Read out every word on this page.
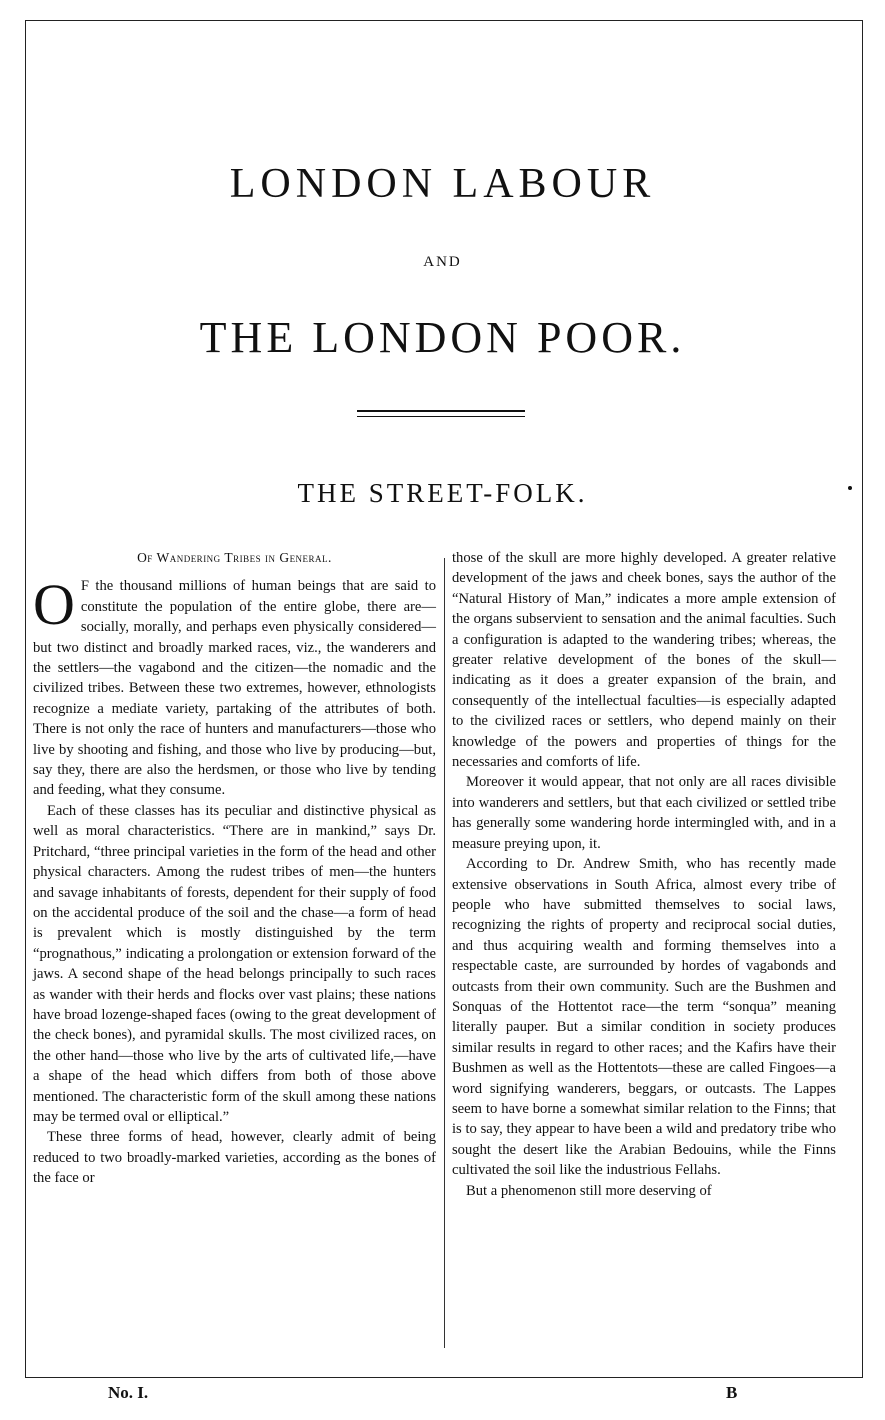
LONDON LABOUR
AND
THE LONDON POOR.
THE STREET-FOLK.
Of Wandering Tribes in General.

O F the thousand millions of human beings that are said to constitute the population of the entire globe, there are—socially, morally, and perhaps even physically considered—but two distinct and broadly marked races, viz., the wanderers and the settlers—the vagabond and the citizen—the nomadic and the civilized tribes. Between these two extremes, however, ethnologists recognize a mediate variety, partaking of the attributes of both. There is not only the race of hunters and manufacturers—those who live by shooting and fishing, and those who live by producing—but, say they, there are also the herdsmen, or those who live by tending and feeding, what they consume.

Each of these classes has its peculiar and distinctive physical as well as moral characteristics. “There are in mankind,” says Dr. Pritchard, “three principal varieties in the form of the head and other physical characters. Among the rudest tribes of men—the hunters and savage inhabitants of forests, dependent for their supply of food on the accidental produce of the soil and the chase—a form of head is prevalent which is mostly distinguished by the term “prognathous,” indicating a prolongation or extension forward of the jaws. A second shape of the head belongs principally to such races as wander with their herds and flocks over vast plains; these nations have broad lozenge-shaped faces (owing to the great development of the check bones), and pyramidal skulls. The most civilized races, on the other hand—those who live by the arts of cultivated life,—have a shape of the head which differs from both of those above mentioned. The characteristic form of the skull among these nations may be termed oval or elliptical.”

These three forms of head, however, clearly admit of being reduced to two broadly-marked varieties, according as the bones of the face or

those of the skull are more highly developed. A greater relative development of the jaws and cheek bones, says the author of the “Natural History of Man,” indicates a more ample extension of the organs subservient to sensation and the animal faculties. Such a configuration is adapted to the wandering tribes; whereas, the greater relative development of the bones of the skull—indicating as it does a greater expansion of the brain, and consequently of the intellectual faculties—is especially adapted to the civilized races or settlers, who depend mainly on their knowledge of the powers and properties of things for the necessaries and comforts of life.

Moreover it would appear, that not only are all races divisible into wanderers and settlers, but that each civilized or settled tribe has generally some wandering horde intermingled with, and in a measure preying upon, it.

According to Dr. Andrew Smith, who has recently made extensive observations in South Africa, almost every tribe of people who have submitted themselves to social laws, recognizing the rights of property and reciprocal social duties, and thus acquiring wealth and forming themselves into a respectable caste, are surrounded by hordes of vagabonds and outcasts from their own community. Such are the Bushmen and Sonquas of the Hottentot race—the term “sonqua” meaning literally pauper. But a similar condition in society produces similar results in regard to other races; and the Kafirs have their Bushmen as well as the Hottentots—these are called Fingoes—a word signifying wanderers, beggars, or outcasts. The Lappes seem to have borne a somewhat similar relation to the Finns; that is to say, they appear to have been a wild and predatory tribe who sought the desert like the Arabian Bedouins, while the Finns cultivated the soil like the industrious Fellahs.

But a phenomenon still more deserving of

No. I.	B
